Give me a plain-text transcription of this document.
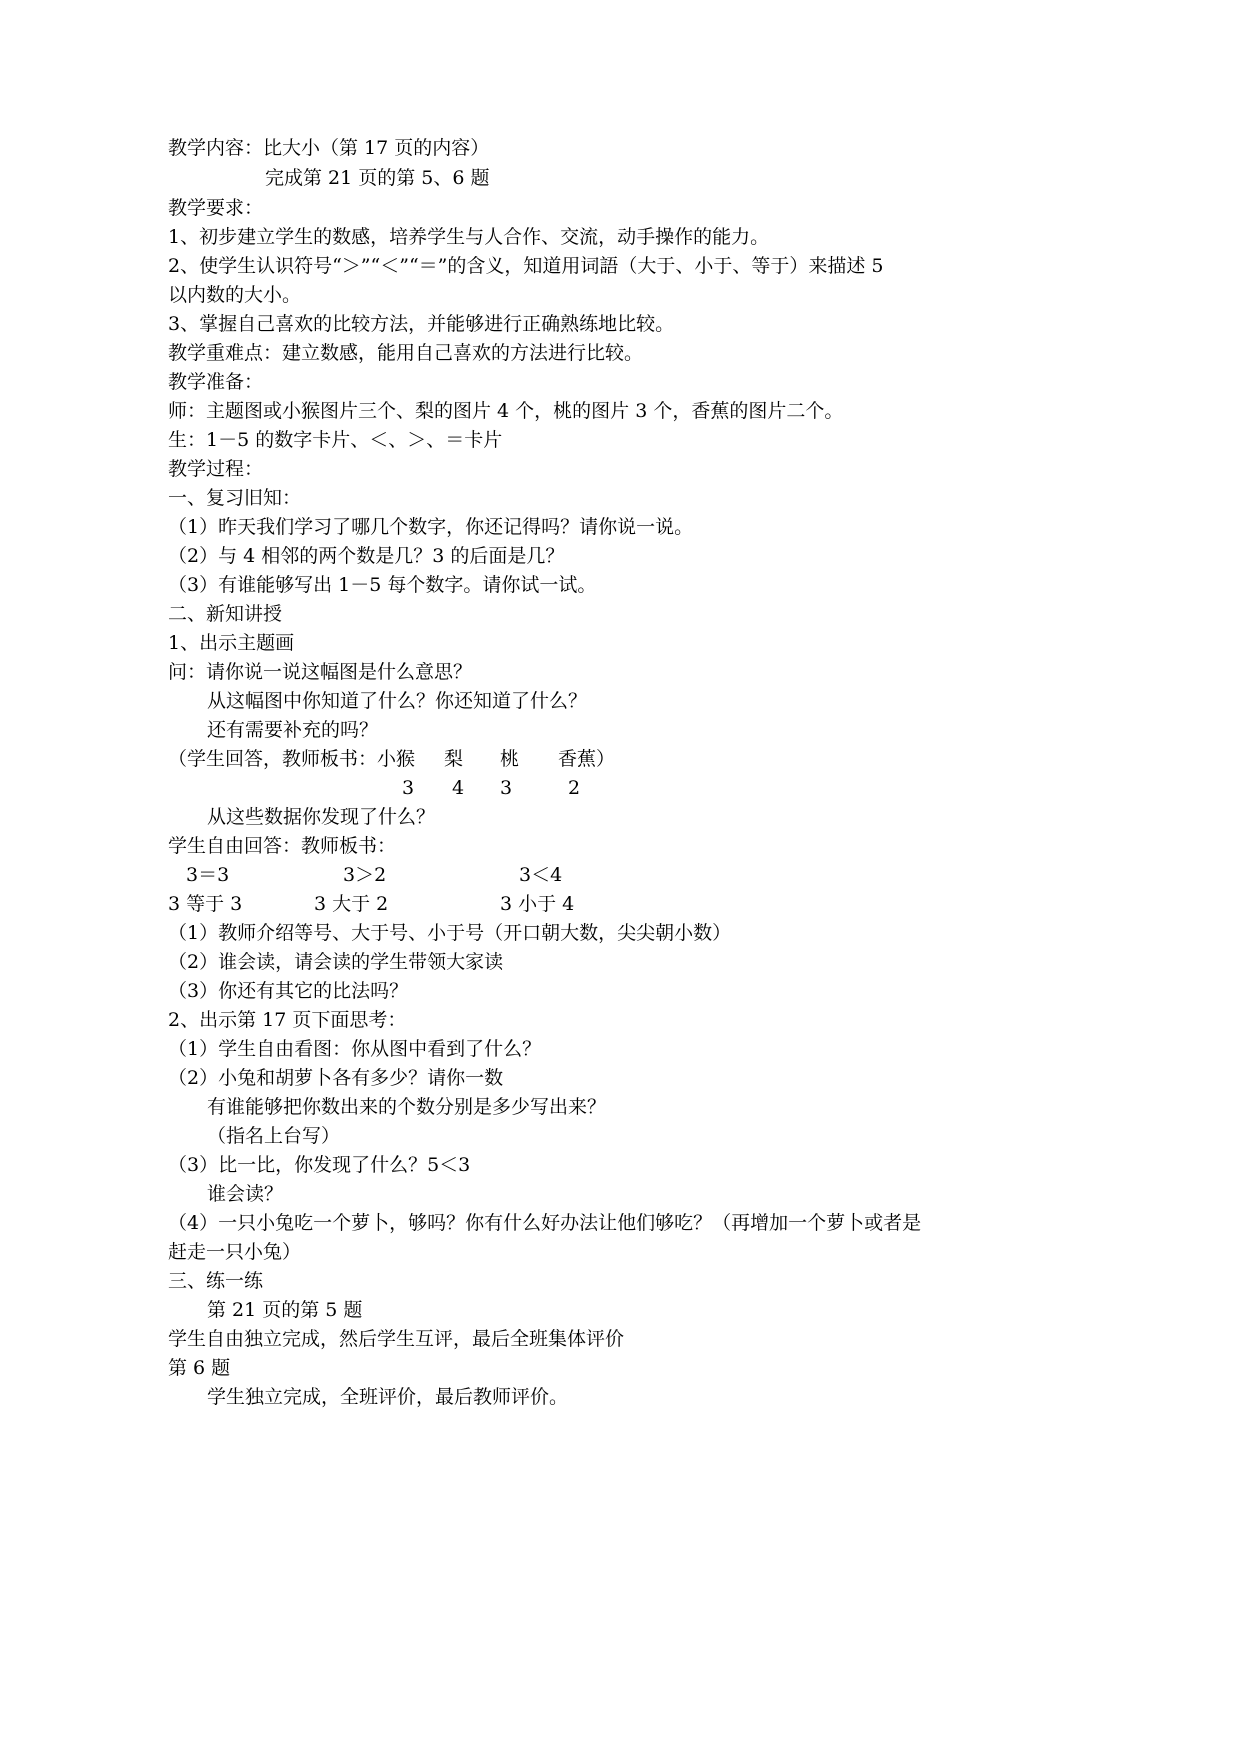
教学内容：比大小（第 17 页的内容）
完成第 21 页的第 5、6 题
教学要求：
1、初步建立学生的数感，培养学生与人合作、交流，动手操作的能力。
2、使学生认识符号“＞”“＜”“＝”的含义，知道用词語（大于、小于、等于）来描述 5
以内数的大小。
3、掌握自己喜欢的比较方法，并能够进行正确熟练地比较。
教学重难点：建立数感，能用自己喜欢的方法进行比较。
教学准备：
师：主题图或小猴图片三个、梨的图片 4 个，桃的图片 3 个，香蕉的图片二个。
生：1－5 的数字卡片、＜、＞、＝卡片
教学过程：
一、复习旧知：
（1）昨天我们学习了哪几个数字，你还记得吗？请你说一说。
（2）与 4 相邻的两个数是几？3 的后面是几？
（3）有谁能够写出 1－5 每个数字。请你试一试。
二、新知讲授
1、出示主题画
问：请你说一说这幅图是什么意思？
从这幅图中你知道了什么？你还知道了什么？
还有需要补充的吗？
（学生回答，教师板书：小猴 梨 桃 香蕉）
3 4 3	2
从这些数据你发现了什么？
学生自由回答：教师板书：
3＝3	3＞2	3＜4
3 等于 3	3 大于 2	3 小于 4
（1）教师介绍等号、大于号、小于号（开口朝大数，尖尖朝小数）
（2）谁会读，请会读的学生带领大家读
（3）你还有其它的比法吗？
2、出示第 17 页下面思考：
（1）学生自由看图：你从图中看到了什么？
（2）小兔和胡萝卜各有多少？请你一数
有谁能够把你数出来的个数分别是多少写出来？
（指名上台写）
（3）比一比，你发现了什么？5＜3
谁会读？
（4）一只小兔吃一个萝卜，够吗？你有什么好办法让他们够吃？（再增加一个萝卜或者是
赶走一只小兔）
三、练一练
第 21 页的第 5 题
学生自由独立完成，然后学生互评，最后全班集体评价
第 6 题
学生独立完成，全班评价，最后教师评价。
